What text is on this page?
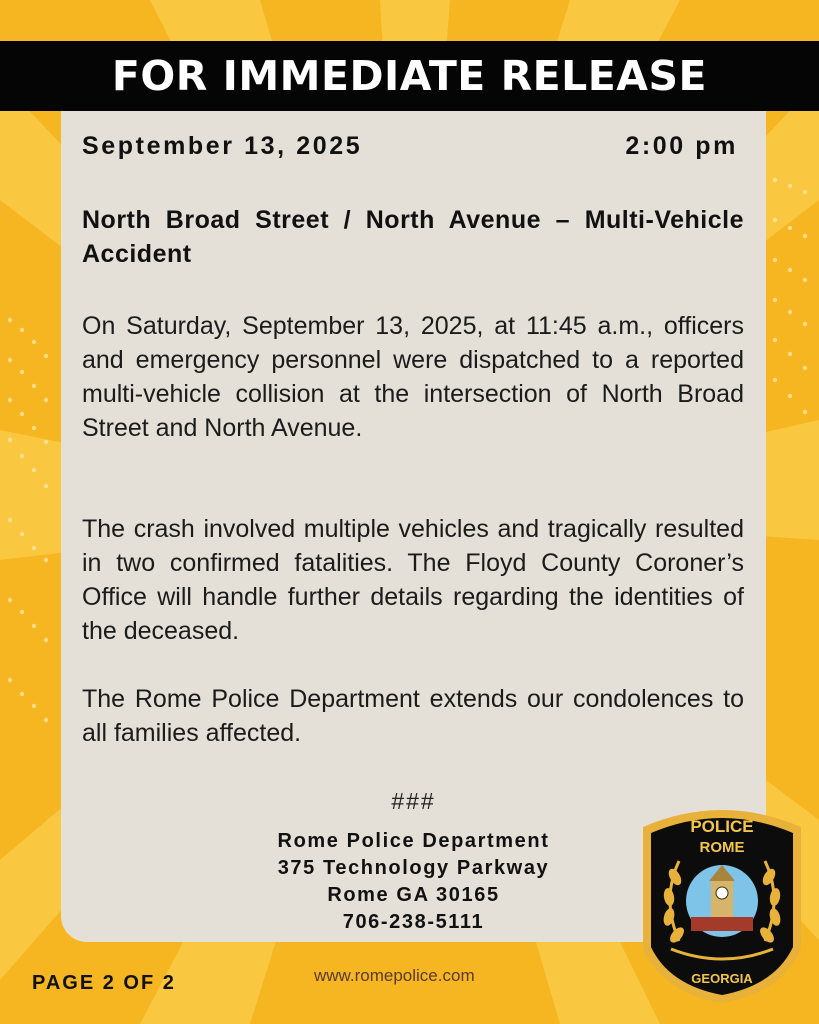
FOR IMMEDIATE RELEASE
September 13, 2025	2:00 pm
North Broad Street / North Avenue – Multi-Vehicle Accident

On Saturday, September 13, 2025, at 11:45 a.m., officers and emergency personnel were dispatched to a reported multi-vehicle collision at the intersection of North Broad Street and North Avenue.

The crash involved multiple vehicles and tragically resulted in two confirmed fatalities. The Floyd County Coroner’s Office will handle further details regarding the identities of the deceased.

The Rome Police Department extends our condolences to all families affected.

###
Rome Police Department
375 Technology Parkway
Rome GA 30165
706-238-5111
PAGE 2 OF 2	www.romepolice.com
POLICE
ROME
GEORGIA
